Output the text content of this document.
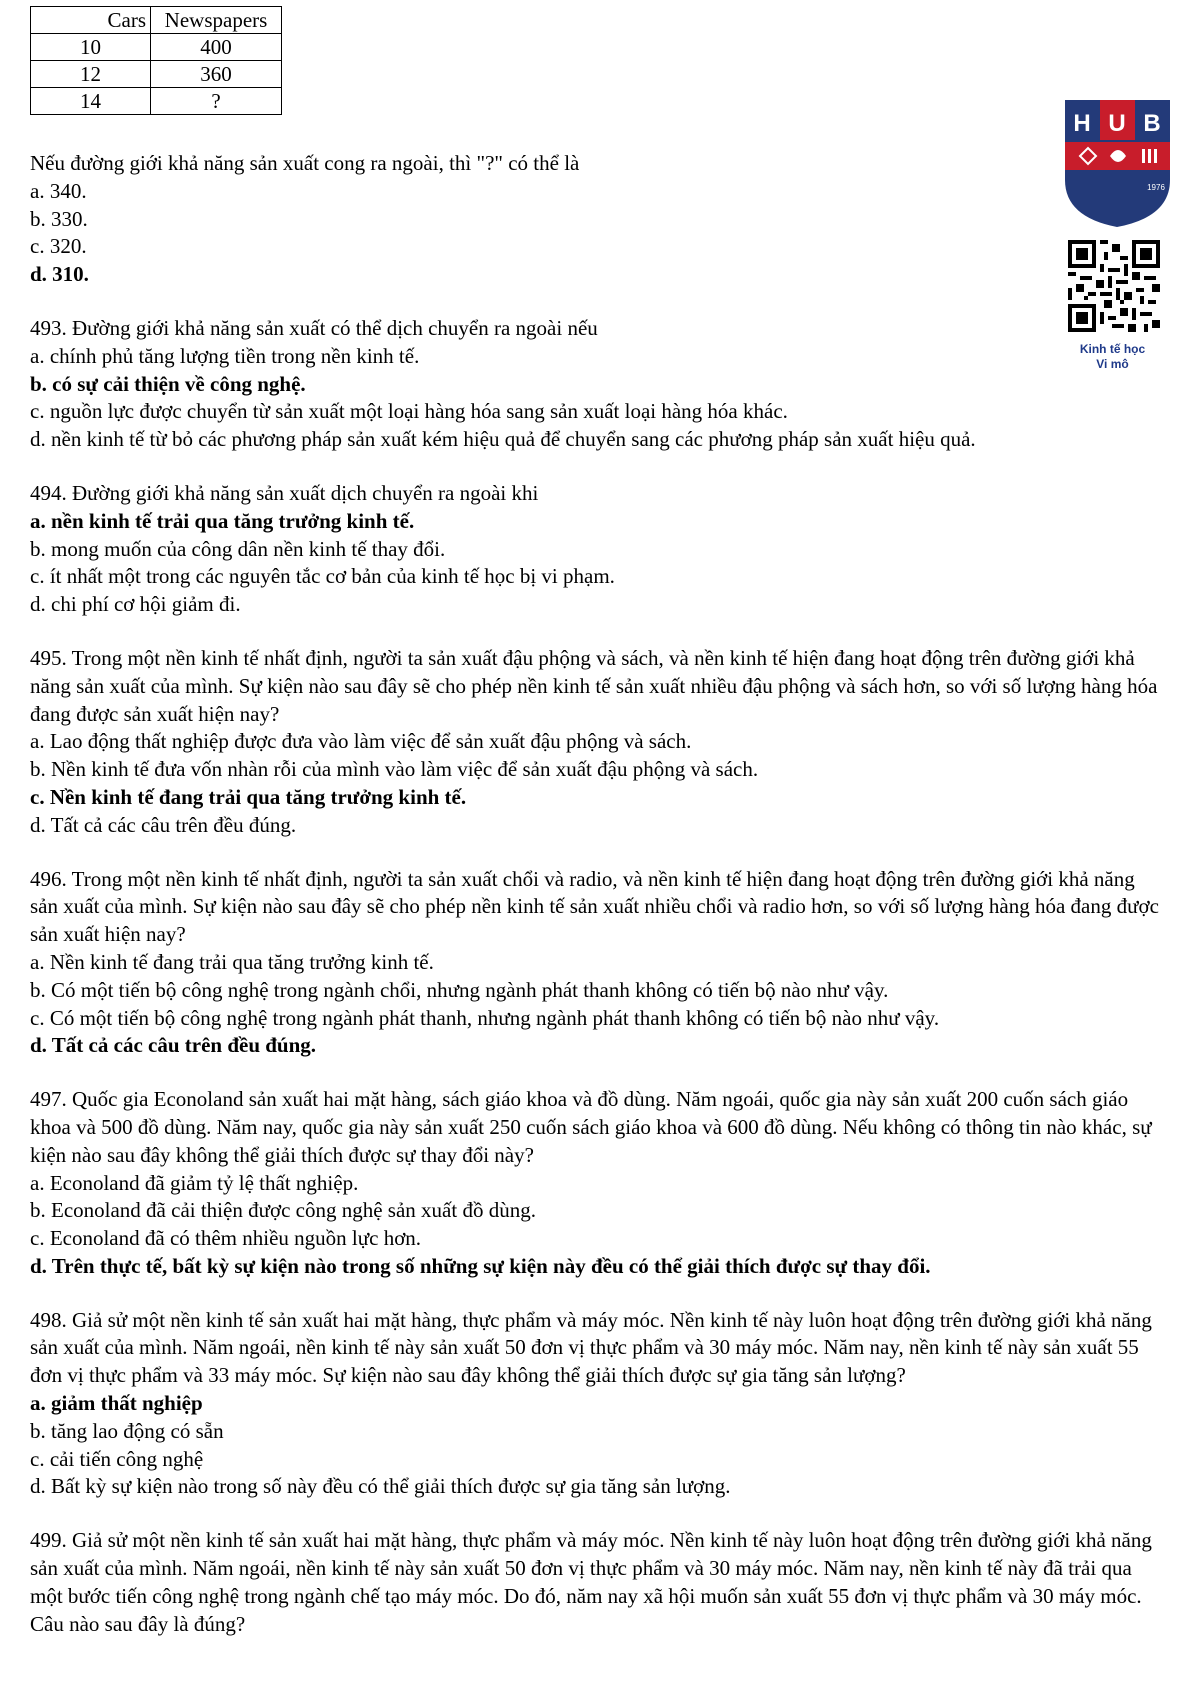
Cars	Newspapers
10	400
12	360
14	?
H U B
1976
Kinh tế học
Vi mô
Nếu đường giới khả năng sản xuất cong ra ngoài, thì "?" có thể là
a. 340.
b. 330.
c. 320.
d. 310.
493. Đường giới khả năng sản xuất có thể dịch chuyển ra ngoài nếu
a. chính phủ tăng lượng tiền trong nền kinh tế.
b. có sự cải thiện về công nghệ.
c. nguồn lực được chuyển từ sản xuất một loại hàng hóa sang sản xuất loại hàng hóa khác.
d. nền kinh tế từ bỏ các phương pháp sản xuất kém hiệu quả để chuyển sang các phương pháp sản xuất hiệu quả.
494. Đường giới khả năng sản xuất dịch chuyển ra ngoài khi
a. nền kinh tế trải qua tăng trưởng kinh tế.
b. mong muốn của công dân nền kinh tế thay đổi.
c. ít nhất một trong các nguyên tắc cơ bản của kinh tế học bị vi phạm.
d. chi phí cơ hội giảm đi.
495. Trong một nền kinh tế nhất định, người ta sản xuất đậu phộng và sách, và nền kinh tế hiện đang hoạt động trên đường giới khả năng sản xuất của mình. Sự kiện nào sau đây sẽ cho phép nền kinh tế sản xuất nhiều đậu phộng và sách hơn, so với số lượng hàng hóa đang được sản xuất hiện nay?
a. Lao động thất nghiệp được đưa vào làm việc để sản xuất đậu phộng và sách.
b. Nền kinh tế đưa vốn nhàn rỗi của mình vào làm việc để sản xuất đậu phộng và sách.
c. Nền kinh tế đang trải qua tăng trưởng kinh tế.
d. Tất cả các câu trên đều đúng.
496. Trong một nền kinh tế nhất định, người ta sản xuất chổi và radio, và nền kinh tế hiện đang hoạt động trên đường giới khả năng sản xuất của mình. Sự kiện nào sau đây sẽ cho phép nền kinh tế sản xuất nhiều chổi và radio hơn, so với số lượng hàng hóa đang được sản xuất hiện nay?
a. Nền kinh tế đang trải qua tăng trưởng kinh tế.
b. Có một tiến bộ công nghệ trong ngành chổi, nhưng ngành phát thanh không có tiến bộ nào như vậy.
c. Có một tiến bộ công nghệ trong ngành phát thanh, nhưng ngành phát thanh không có tiến bộ nào như vậy.
d. Tất cả các câu trên đều đúng.
497. Quốc gia Econoland sản xuất hai mặt hàng, sách giáo khoa và đồ dùng. Năm ngoái, quốc gia này sản xuất 200 cuốn sách giáo khoa và 500 đồ dùng. Năm nay, quốc gia này sản xuất 250 cuốn sách giáo khoa và 600 đồ dùng. Nếu không có thông tin nào khác, sự kiện nào sau đây không thể giải thích được sự thay đổi này?
a. Econoland đã giảm tỷ lệ thất nghiệp.
b. Econoland đã cải thiện được công nghệ sản xuất đồ dùng.
c. Econoland đã có thêm nhiều nguồn lực hơn.
d. Trên thực tế, bất kỳ sự kiện nào trong số những sự kiện này đều có thể giải thích được sự thay đổi.
498. Giả sử một nền kinh tế sản xuất hai mặt hàng, thực phẩm và máy móc. Nền kinh tế này luôn hoạt động trên đường giới khả năng sản xuất của mình. Năm ngoái, nền kinh tế này sản xuất 50 đơn vị thực phẩm và 30 máy móc. Năm nay, nền kinh tế này sản xuất 55 đơn vị thực phẩm và 33 máy móc. Sự kiện nào sau đây không thể giải thích được sự gia tăng sản lượng?
a. giảm thất nghiệp
b. tăng lao động có sẵn
c. cải tiến công nghệ
d. Bất kỳ sự kiện nào trong số này đều có thể giải thích được sự gia tăng sản lượng.
499. Giả sử một nền kinh tế sản xuất hai mặt hàng, thực phẩm và máy móc. Nền kinh tế này luôn hoạt động trên đường giới khả năng sản xuất của mình. Năm ngoái, nền kinh tế này sản xuất 50 đơn vị thực phẩm và 30 máy móc. Năm nay, nền kinh tế này đã trải qua một bước tiến công nghệ trong ngành chế tạo máy móc. Do đó, năm nay xã hội muốn sản xuất 55 đơn vị thực phẩm và 30 máy móc. Câu nào sau đây là đúng?
